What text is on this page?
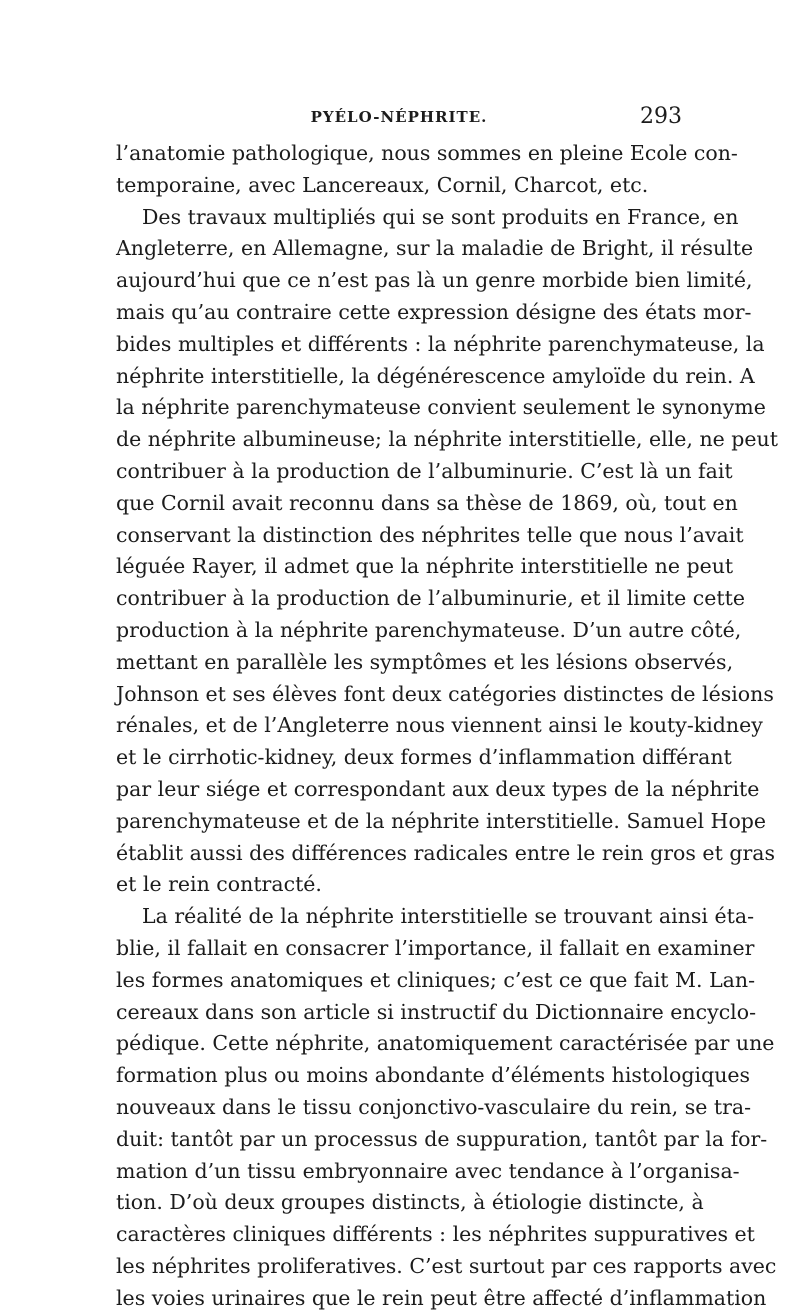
PYÉLO-NÉPHRITE.	293
l’anatomie pathologique, nous sommes en pleine Ecole con-
temporaine, avec Lancereaux, Cornil, Charcot, etc.
Des travaux multipliés qui se sont produits en France, en
Angleterre, en Allemagne, sur la maladie de Bright, il résulte
aujourd’hui que ce n’est pas là un genre morbide bien limité,
mais qu’au contraire cette expression désigne des états mor-
bides multiples et différents : la néphrite parenchymateuse, la
néphrite interstitielle, la dégénérescence amyloïde du rein. A
la néphrite parenchymateuse convient seulement le synonyme
de néphrite albumineuse; la néphrite interstitielle, elle, ne peut
contribuer à la production de l’albuminurie. C’est là un fait
que Cornil avait reconnu dans sa thèse de 1869, où, tout en
conservant la distinction des néphrites telle que nous l’avait
léguée Rayer, il admet que la néphrite interstitielle ne peut
contribuer à la production de l’albuminurie, et il limite cette
production à la néphrite parenchymateuse. D’un autre côté,
mettant en parallèle les symptômes et les lésions observés,
Johnson et ses élèves font deux catégories distinctes de lésions
rénales, et de l’Angleterre nous viennent ainsi le kouty-kidney
et le cirrhotic-kidney, deux formes d’inflammation différant
par leur siége et correspondant aux deux types de la néphrite
parenchymateuse et de la néphrite interstitielle. Samuel Hope
établit aussi des différences radicales entre le rein gros et gras
et le rein contracté.
La réalité de la néphrite interstitielle se trouvant ainsi éta-
blie, il fallait en consacrer l’importance, il fallait en examiner
les formes anatomiques et cliniques; c’est ce que fait M. Lan-
cereaux dans son article si instructif du Dictionnaire encyclo-
pédique. Cette néphrite, anatomiquement caractérisée par une
formation plus ou moins abondante d’éléments histologiques
nouveaux dans le tissu conjonctivo-vasculaire du rein, se tra-
duit: tantôt par un processus de suppuration, tantôt par la for-
mation d’un tissu embryonnaire avec tendance à l’organisa-
tion. D’où deux groupes distincts, à étiologie distincte, à
caractères cliniques différents : les néphrites suppuratives et
les néphrites proliferatives. C’est surtout par ces rapports avec
les voies urinaires que le rein peut être affecté d’inflammation
